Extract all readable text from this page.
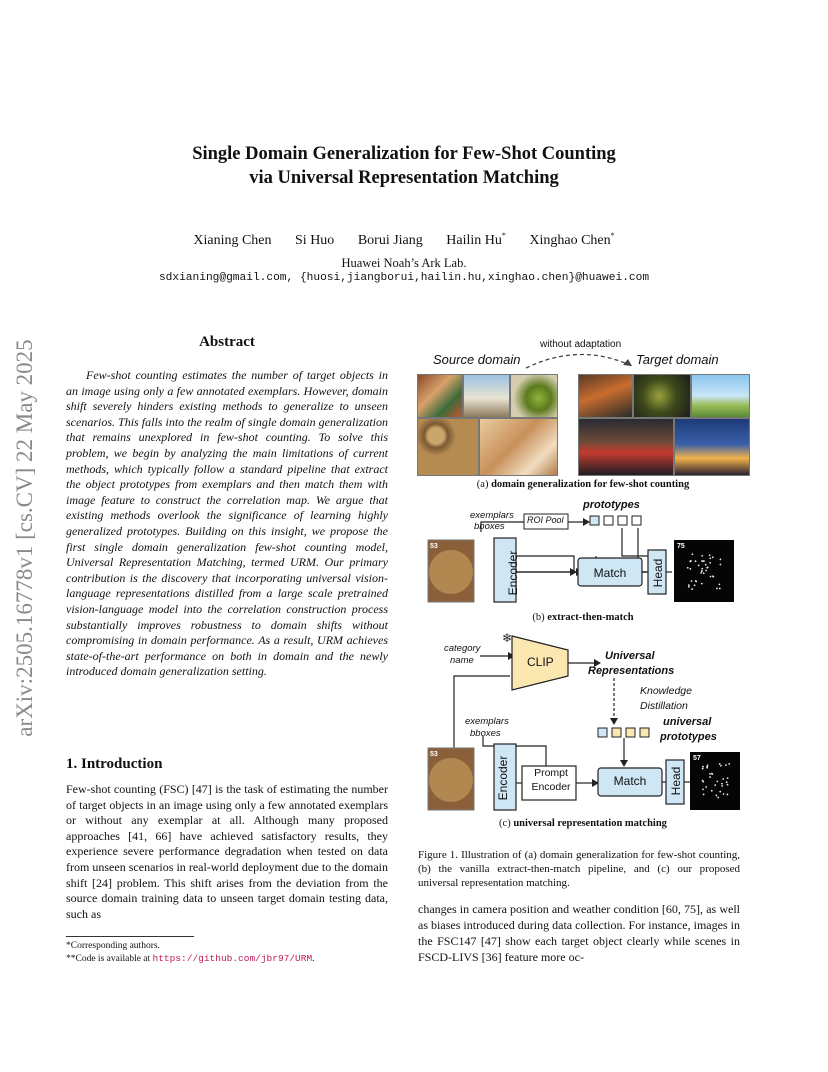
arXiv:2505.16778v1 [cs.CV] 22 May 2025
Single Domain Generalization for Few-Shot Counting
via Universal Representation Matching
Xianing Chen Si Huo Borui Jiang Hailin Hu* Xinghao Chen*
Huawei Noah’s Ark Lab.
sdxianing@gmail.com, {huosi,jiangborui,hailin.hu,xinghao.chen}@huawei.com
Abstract

Few-shot counting estimates the number of target objects in an image using only a few annotated exemplars. However, domain shift severely hinders existing methods to generalize to unseen scenarios. This falls into the realm of single domain generalization that remains unexplored in few-shot counting. To solve this problem, we begin by analyzing the main limitations of current methods, which typically follow a standard pipeline that extract the object prototypes from exemplars and then match them with image feature to construct the correlation map. We argue that existing methods overlook the significance of learning highly generalized prototypes. Building on this insight, we propose the first single domain generalization few-shot counting model, Universal Representation Matching, termed URM. Our primary contribution is the discovery that incorporating universal vision-language representations distilled from a large scale pretrained vision-language model into the correlation construction process substantially improves robustness to domain shifts without compromising in domain performance. As a result, URM achieves state-of-the-art performance on both in domain and the newly introduced domain generalization setting.

1. Introduction

Few-shot counting (FSC) [47] is the task of estimating the number of target objects in an image using only a few annotated exemplars or without any exemplar at all. Although many proposed approaches [41, 66] have achieved satisfactory results, they experience severe performance degradation when tested on data from unseen scenarios in real-world deployment due to the domain shift [24] problem. This shift arises from the deviation from the source domain training data to unseen target domain testing data, such as

*Corresponding authors.
**Code is available at https://github.com/jbr97/URM.
without adaptation
Source domain	Target domain
(a) domain generalization for few-shot counting
exemplars
bboxes
ROI Pool
prototypes
Encoder	Match	Head
53	75
(b) extract-then-match
❄
category
name	CLIP	Universal
Representations
Knowledge
Distillation
universal
prototypes
exemplars
bboxes
Prompt
Encoder
Encoder	Match	Head
53
57
(c) universal representation matching
Figure 1. Illustration of (a) domain generalization for few-shot counting, (b) the vanilla extract-then-match pipeline, and (c) our proposed universal representation matching.
changes in camera position and weather condition [60, 75], as well as biases introduced during data collection. For instance, images in the FSC147 [47] show each target object clearly while scenes in FSCD-LIVS [36] feature more oc-
